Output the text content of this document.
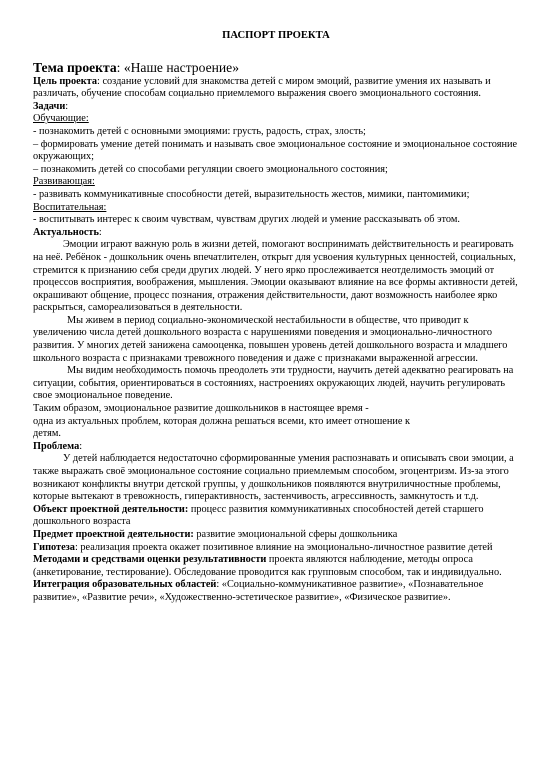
ПАСПОРТ ПРОЕКТА

Тема проекта: «Наше настроение»

Цель проекта: создание условий для знакомства детей с миром эмоций, развитие умения их называть и различать, обучение способам социально приемлемого выражения своего эмоционального состояния.

Задачи:

Обучающие:

- познакомить детей с основными эмоциями: грусть, радость, страх, злость;

– формировать умение детей понимать и называть свое эмоциональное состояние и эмоциональное состояние окружающих;

– познакомить детей со способами регуляции своего эмоционального состояния;

Развивающая:

- развивать коммуникативные способности детей, выразительность жестов, мимики, пантомимики;

Воспитательная:

- воспитывать интерес к своим чувствам, чувствам других людей и умение рассказывать об этом.

Актуальность:

Эмоции играют важную роль в жизни детей, помогают воспринимать действительность и реагировать на неё. Ребёнок - дошкольник очень впечатлителен, открыт для усвоения культурных ценностей, социальных, стремится к признанию себя среди других людей. У него ярко прослеживается неотделимость эмоций от процессов восприятия, воображения, мышления. Эмоции оказывают влияние на все формы активности детей, окрашивают общение, процесс познания, отражения действительности, дают возможность наиболее ярко раскрыться, самореализоваться в деятельности.

Мы живем в период социально-экономической нестабильности в обществе, что приводит к увеличению числа детей дошкольного возраста с нарушениями поведения и эмоционально-личностного развития. У многих детей занижена самооценка, повышен уровень детей дошкольного возраста и младшего школьного возраста с признаками тревожного поведения и даже с признаками выраженной агрессии.

Мы видим необходимость помочь преодолеть эти трудности, научить детей адекватно реагировать на ситуации, события, ориентироваться в состояниях, настроениях окружающих людей, научить регулировать свое эмоциональное поведение.

Таким образом, эмоциональное развитие дошкольников в настоящее время -

одна из актуальных проблем, которая должна решаться всеми, кто имеет отношение к

детям.

Проблема:

У детей наблюдается недостаточно сформированные умения распознавать и описывать свои эмоции, а также выражать своё эмоциональное состояние социально приемлемым способом, эгоцентризм. Из-за этого возникают конфликты внутри детской группы, у дошкольников появляются внутриличностные проблемы, которые вытекают в тревожность, гиперактивность, застенчивость, агрессивность, замкнутость и т.д.

Объект проектной деятельности: процесс развития коммуникативных способностей детей старшего дошкольного возраста

Предмет проектной деятельности: развитие эмоциональной сферы дошкольника

Гипотеза: реализация проекта окажет позитивное влияние на эмоционально-личностное развитие детей

Методами и средствами оценки результативности проекта являются наблюдение, методы опроса (анкетирование, тестирование). Обследование проводится как групповым способом, так и индивидуально.

Интеграция образовательных областей: «Социально-коммуникативное развитие», «Познавательное развитие», «Развитие речи», «Художественно-эстетическое развитие», «Физическое развитие».
